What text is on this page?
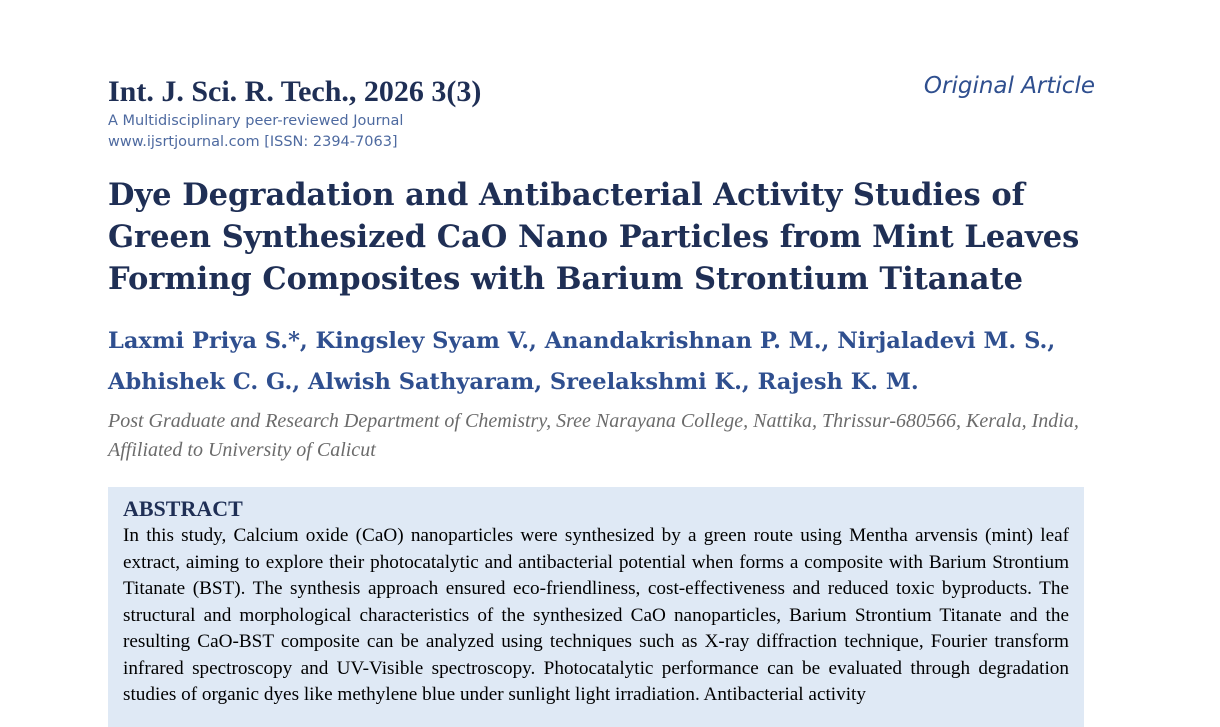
Int. J. Sci. R. Tech., 2026 3(3)	Original Article
A Multidisciplinary peer-reviewed Journal
www.ijsrtjournal.com [ISSN: 2394-7063]
Dye Degradation and Antibacterial Activity Studies of Green Synthesized CaO Nano Particles from Mint Leaves Forming Composites with Barium Strontium Titanate
Laxmi Priya S.*, Kingsley Syam V., Anandakrishnan P. M., Nirjaladevi M. S., Abhishek C. G., Alwish Sathyaram, Sreelakshmi K., Rajesh K. M.
Post Graduate and Research Department of Chemistry, Sree Narayana College, Nattika, Thrissur-680566, Kerala, India, Affiliated to University of Calicut
ABSTRACT

In this study, Calcium oxide (CaO) nanoparticles were synthesized by a green route using Mentha arvensis (mint) leaf extract, aiming to explore their photocatalytic and antibacterial potential when forms a composite with Barium Strontium Titanate (BST). The synthesis approach ensured eco-friendliness, cost-effectiveness and reduced toxic byproducts. The structural and morphological characteristics of the synthesized CaO nanoparticles, Barium Strontium Titanate and the resulting CaO-BST composite can be analyzed using techniques such as X-ray diffraction technique, Fourier transform infrared spectroscopy and UV-Visible spectroscopy. Photocatalytic performance can be evaluated through degradation studies of organic dyes like methylene blue under sunlight light irradiation. Antibacterial activity
